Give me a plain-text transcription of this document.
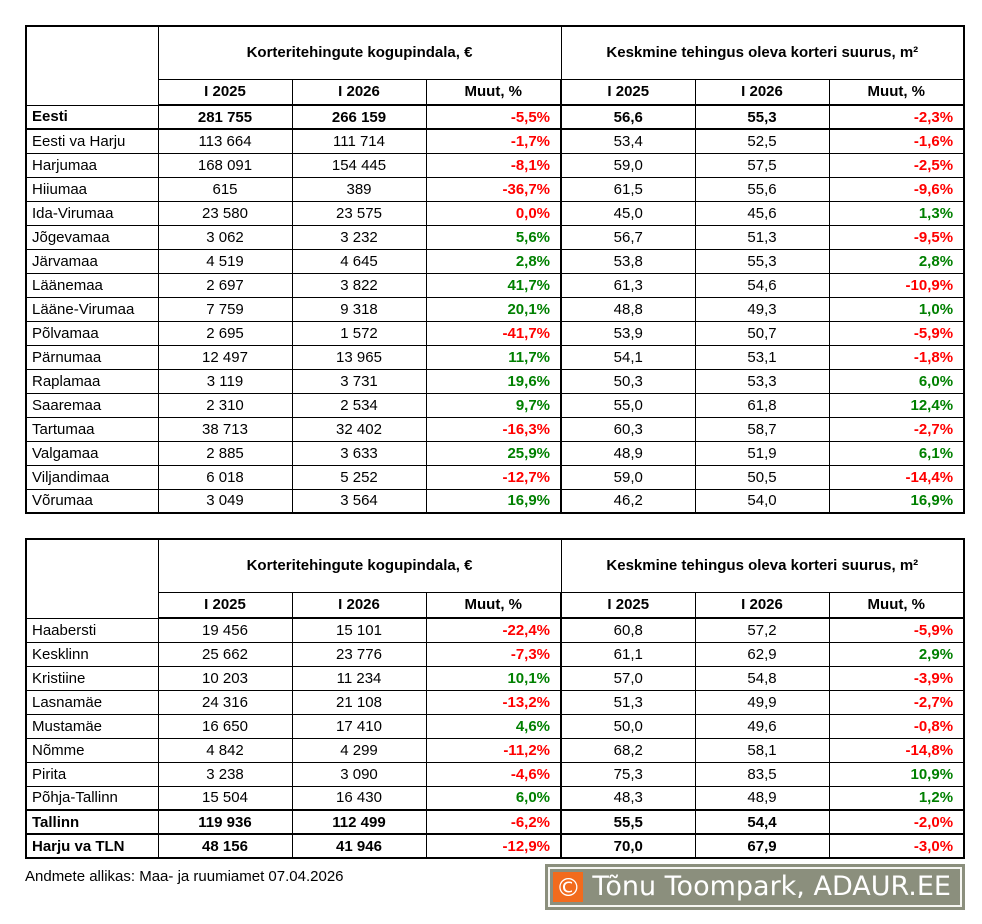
	Korteritehingute kogupindala, €			Keskmine tehingus oleva korteri suurus, m²		
	I 2025	I 2026	Muut, %	I 2025	I 2026	Muut, %
Eesti	281 755	266 159	-5,5%	56,6	55,3	-2,3%
Eesti va Harju	113 664	111 714	-1,7%	53,4	52,5	-1,6%
Harjumaa	168 091	154 445	-8,1%	59,0	57,5	-2,5%
Hiiumaa	615	389	-36,7%	61,5	55,6	-9,6%
Ida-Virumaa	23 580	23 575	0,0%	45,0	45,6	1,3%
Jõgevamaa	3 062	3 232	5,6%	56,7	51,3	-9,5%
Järvamaa	4 519	4 645	2,8%	53,8	55,3	2,8%
Läänemaa	2 697	3 822	41,7%	61,3	54,6	-10,9%
Lääne-Virumaa	7 759	9 318	20,1%	48,8	49,3	1,0%
Põlvamaa	2 695	1 572	-41,7%	53,9	50,7	-5,9%
Pärnumaa	12 497	13 965	11,7%	54,1	53,1	-1,8%
Raplamaa	3 119	3 731	19,6%	50,3	53,3	6,0%
Saaremaa	2 310	2 534	9,7%	55,0	61,8	12,4%
Tartumaa	38 713	32 402	-16,3%	60,3	58,7	-2,7%
Valgamaa	2 885	3 633	25,9%	48,9	51,9	6,1%
Viljandimaa	6 018	5 252	-12,7%	59,0	50,5	-14,4%
Võrumaa	3 049	3 564	16,9%	46,2	54,0	16,9%
	Korteritehingute kogupindala, €			Keskmine tehingus oleva korteri suurus, m²		
	I 2025	I 2026	Muut, %	I 2025	I 2026	Muut, %
Haabersti	19 456	15 101	-22,4%	60,8	57,2	-5,9%
Kesklinn	25 662	23 776	-7,3%	61,1	62,9	2,9%
Kristiine	10 203	11 234	10,1%	57,0	54,8	-3,9%
Lasnamäe	24 316	21 108	-13,2%	51,3	49,9	-2,7%
Mustamäe	16 650	17 410	4,6%	50,0	49,6	-0,8%
Nõmme	4 842	4 299	-11,2%	68,2	58,1	-14,8%
Pirita	3 238	3 090	-4,6%	75,3	83,5	10,9%
Põhja-Tallinn	15 504	16 430	6,0%	48,3	48,9	1,2%
Tallinn	119 936	112 499	-6,2%	55,5	54,4	-2,0%
Harju va TLN	48 156	41 946	-12,9%	70,0	67,9	-3,0%
Andmete allikas: Maa- ja ruumiamet 07.04.2026	© Tõnu Toompark, ADAUR.EE
